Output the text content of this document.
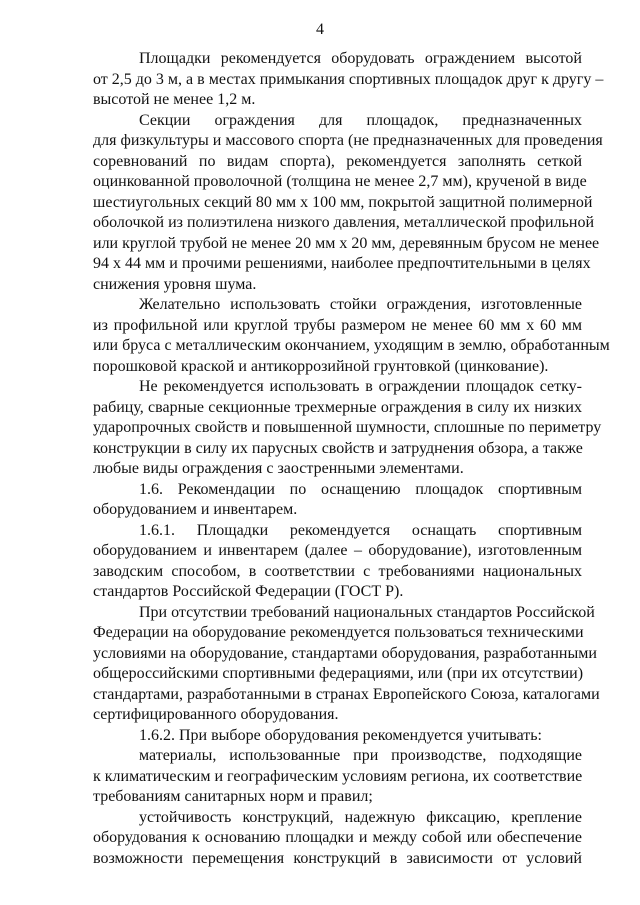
4

Площадки рекомендуется оборудовать ограждением высотой
от 2,5 до 3 м, а в местах примыкания спортивных площадок друг к другу –
высотой не менее 1,2 м.

Секции ограждения для площадок, предназначенных
для физкультуры и массового спорта (не предназначенных для проведения
соревнований по видам спорта), рекомендуется заполнять сеткой
оцинкованной проволочной (толщина не менее 2,7 мм), крученой в виде
шестиугольных секций 80 мм х 100 мм, покрытой защитной полимерной
оболочкой из полиэтилена низкого давления, металлической профильной
или круглой трубой не менее 20 мм х 20 мм, деревянным брусом не менее
94 х 44 мм и прочими решениями, наиболее предпочтительными в целях
снижения уровня шума.

Желательно использовать стойки ограждения, изготовленные
из профильной или круглой трубы размером не менее 60 мм х 60 мм
или бруса с металлическим окончанием, уходящим в землю, обработанным
порошковой краской и антикоррозийной грунтовкой (цинкование).

Не рекомендуется использовать в ограждении площадок сетку-
рабицу, сварные секционные трехмерные ограждения в силу их низких
ударопрочных свойств и повышенной шумности, сплошные по периметру
конструкции в силу их парусных свойств и затруднения обзора, а также
любые виды ограждения с заостренными элементами.

1.6. Рекомендации по оснащению площадок спортивным
оборудованием и инвентарем.

1.6.1. Площадки рекомендуется оснащать спортивным
оборудованием и инвентарем (далее – оборудование), изготовленным
заводским способом, в соответствии с требованиями национальных
стандартов Российской Федерации (ГОСТ Р).

При отсутствии требований национальных стандартов Российской
Федерации на оборудование рекомендуется пользоваться техническими
условиями на оборудование, стандартами оборудования, разработанными
общероссийскими спортивными федерациями, или (при их отсутствии)
стандартами, разработанными в странах Европейского Союза, каталогами
сертифицированного оборудования.

1.6.2. При выборе оборудования рекомендуется учитывать:

материалы, использованные при производстве, подходящие
к климатическим и географическим условиям региона, их соответствие
требованиям санитарных норм и правил;

устойчивость конструкций, надежную фиксацию, крепление
оборудования к основанию площадки и между собой или обеспечение
возможности перемещения конструкций в зависимости от условий
